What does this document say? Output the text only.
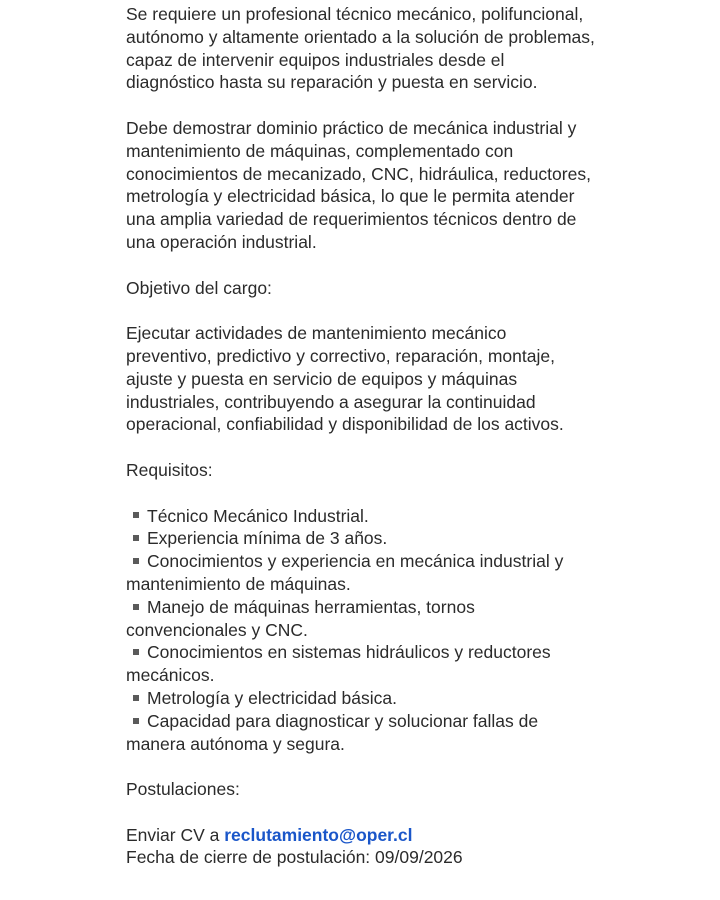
Se requiere un profesional técnico mecánico, polifuncional, autónomo y altamente orientado a la solución de problemas, capaz de intervenir equipos industriales desde el diagnóstico hasta su reparación y puesta en servicio.

Debe demostrar dominio práctico de mecánica industrial y mantenimiento de máquinas, complementado con conocimientos de mecanizado, CNC, hidráulica, reductores, metrología y electricidad básica, lo que le permita atender una amplia variedad de requerimientos técnicos dentro de una operación industrial.

Objetivo del cargo:

Ejecutar actividades de mantenimiento mecánico preventivo, predictivo y correctivo, reparación, montaje, ajuste y puesta en servicio de equipos y máquinas industriales, contribuyendo a asegurar la continuidad operacional, confiabilidad y disponibilidad de los activos.

Requisitos:

Técnico Mecánico Industrial.
Experiencia mínima de 3 años.
Conocimientos y experiencia en mecánica industrial y mantenimiento de máquinas.
Manejo de máquinas herramientas, tornos convencionales y CNC.
Conocimientos en sistemas hidráulicos y reductores mecánicos.
Metrología y electricidad básica.
Capacidad para diagnosticar y solucionar fallas de manera autónoma y segura.

Postulaciones:

Enviar CV a reclutamiento@oper.cl

Fecha de cierre de postulación: 09/09/2026
